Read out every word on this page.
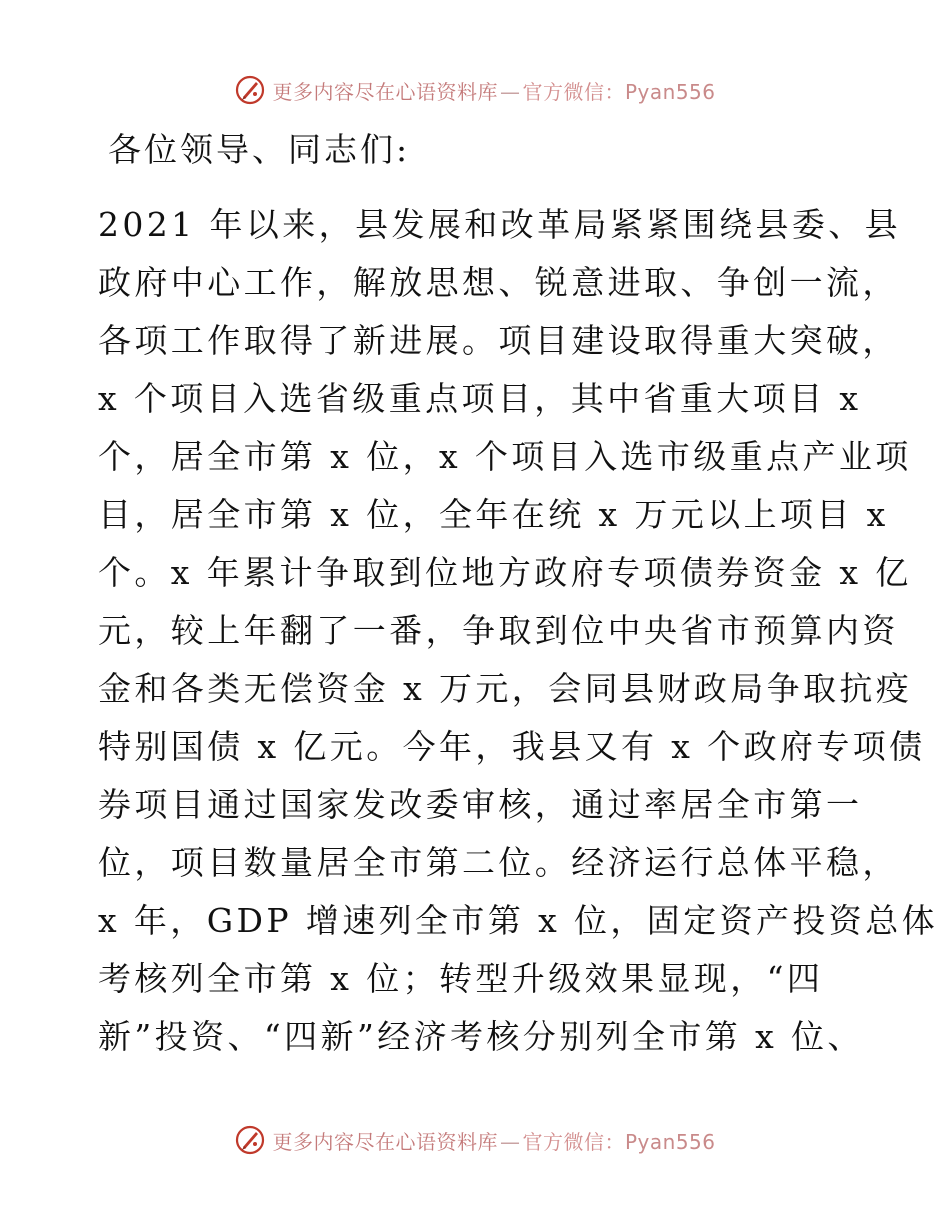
更多内容尽在心语资料库 — 官方微信：Pyan556
各位领导、同志们:
2021 年以来，县发展和改革局紧紧围绕县委、县
政府中心工作，解放思想、锐意进取、争创一流，
各项工作取得了新进展。项目建设取得重大突破，
x 个项目入选省级重点项目，其中省重大项目 x
个，居全市第 x 位，x 个项目入选市级重点产业项
目，居全市第 x 位，全年在统 x 万元以上项目 x
个。x 年累计争取到位地方政府专项债券资金 x 亿
元，较上年翻了一番，争取到位中央省市预算内资
金和各类无偿资金 x 万元，会同县财政局争取抗疫
特别国债 x 亿元。今年，我县又有 x 个政府专项债
券项目通过国家发改委审核，通过率居全市第一
位，项目数量居全市第二位。经济运行总体平稳，
x 年，GDP 增速列全市第 x 位，固定资产投资总体
考核列全市第 x 位；转型升级效果显现，“四
新”投资、“四新”经济考核分别列全市第 x 位、
更多内容尽在心语资料库 — 官方微信：Pyan556
